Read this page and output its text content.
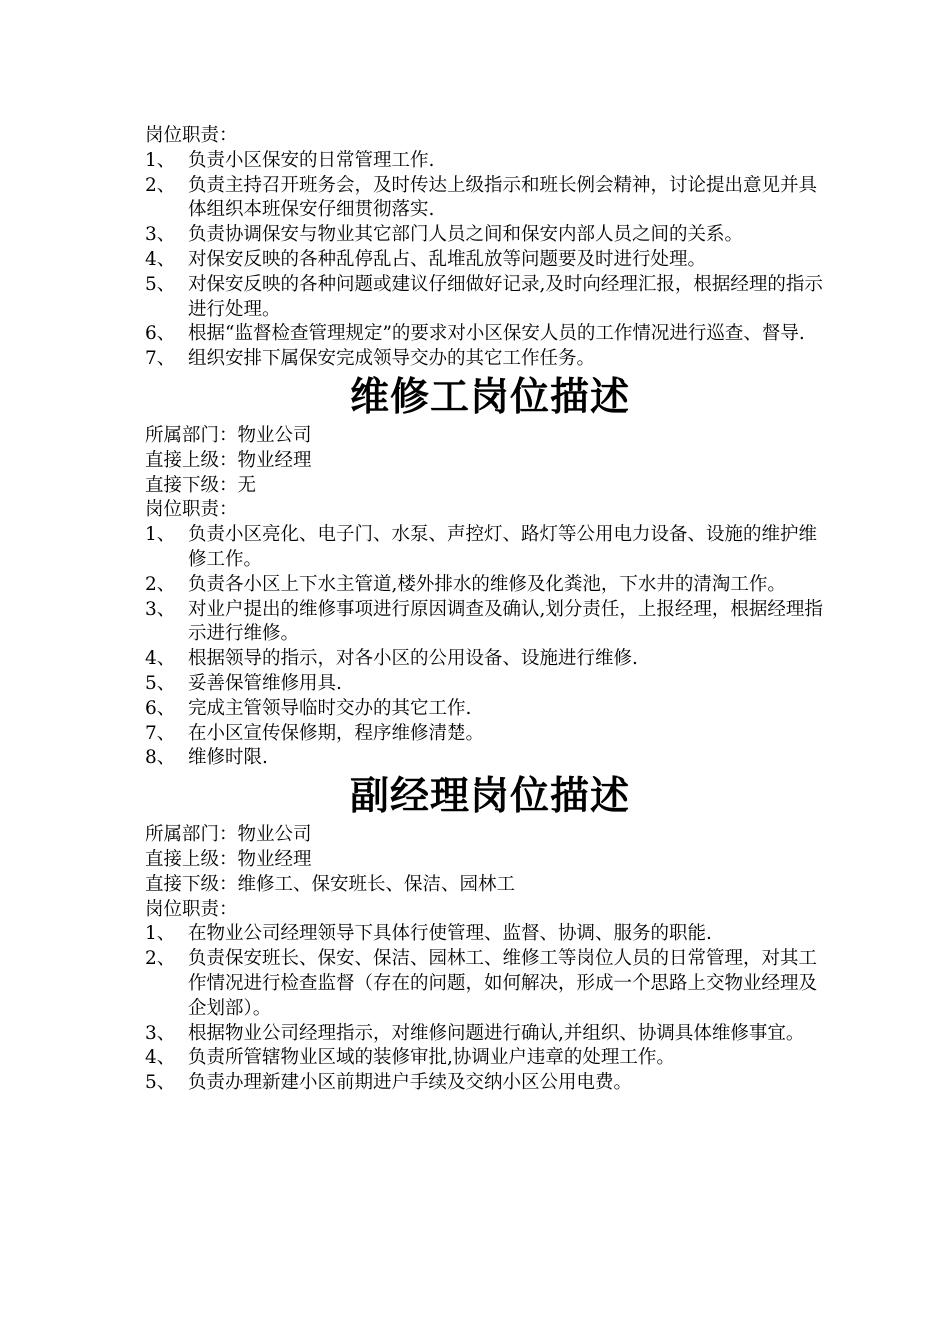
岗位职责：
1、 负责小区保安的日常管理工作.
2、 负责主持召开班务会，及时传达上级指示和班长例会精神，讨论提出意见并具体组织本班保安仔细贯彻落实.
3、 负责协调保安与物业其它部门人员之间和保安内部人员之间的关系。
4、 对保安反映的各种乱停乱占、乱堆乱放等问题要及时进行处理。
5、 对保安反映的各种问题或建议仔细做好记录,及时向经理汇报，根据经理的指示进行处理。
6、 根据“监督检查管理规定”的要求对小区保安人员的工作情况进行巡查、督导.
7、 组织安排下属保安完成领导交办的其它工作任务。
维修工岗位描述
所属部门：物业公司
直接上级：物业经理
直接下级：无
岗位职责：
1、 负责小区亮化、电子门、水泵、声控灯、路灯等公用电力设备、设施的维护维修工作。
2、 负责各小区上下水主管道,楼外排水的维修及化粪池，下水井的清淘工作。
3、 对业户提出的维修事项进行原因调查及确认,划分责任，上报经理，根据经理指示进行维修。
4、 根据领导的指示，对各小区的公用设备、设施进行维修.
5、 妥善保管维修用具.
6、 完成主管领导临时交办的其它工作.
7、 在小区宣传保修期，程序维修清楚。
8、 维修时限.
副经理岗位描述
所属部门：物业公司
直接上级：物业经理
直接下级：维修工、保安班长、保洁、园林工
岗位职责：
1、 在物业公司经理领导下具体行使管理、监督、协调、服务的职能.
2、 负责保安班长、保安、保洁、园林工、维修工等岗位人员的日常管理，对其工作情况进行检查监督（存在的问题，如何解决，形成一个思路上交物业经理及企划部）。
3、 根据物业公司经理指示，对维修问题进行确认,并组织、协调具体维修事宜。
4、 负责所管辖物业区域的装修审批,协调业户违章的处理工作。
5、 负责办理新建小区前期进户手续及交纳小区公用电费。
